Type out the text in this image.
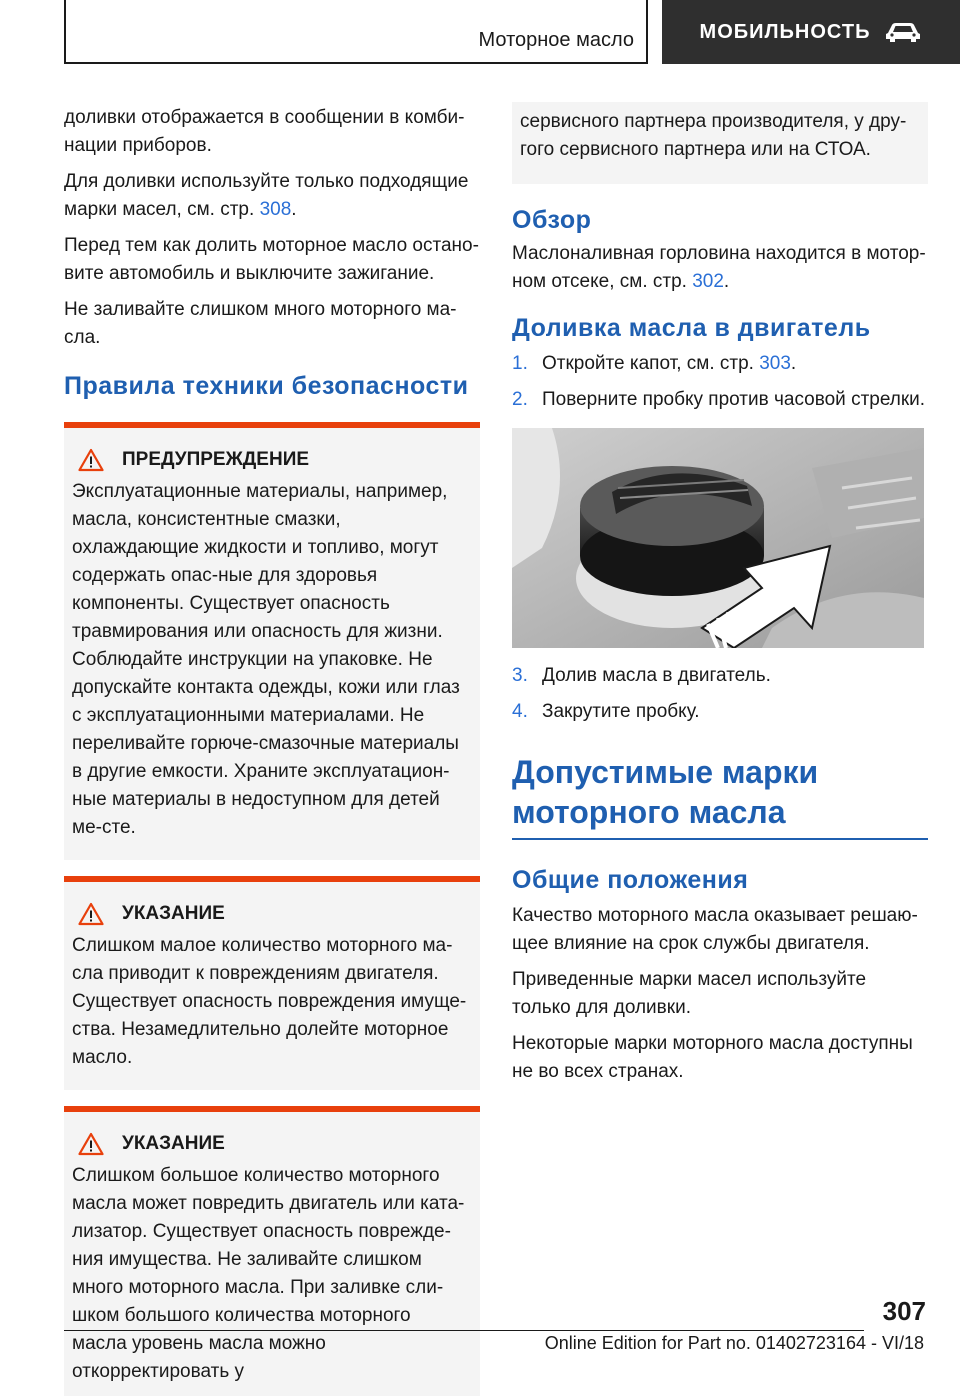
Моторное масло	МОБИЛЬНОСТЬ

доливки отображается в сообщении в комби-нации приборов.

Для доливки используйте только подходящие марки масел, см. стр. 308.

Перед тем как долить моторное масло остано-вите автомобиль и выключите зажигание.

Не заливайте слишком много моторного ма-сла.

Правила техники безопасности
ПРЕДУПРЕЖДЕНИЕ
Эксплуатационные материалы, например, масла, консистентные смазки, охлаждающие жидкости и топливо, могут содержать опас-ные для здоровья компоненты. Существует опасность травмирования или опасность для жизни. Соблюдайте инструкции на упаковке. Не допускайте контакта одежды, кожи или глаз с эксплуатационными материалами. Не переливайте горюче-смазочные материалы в другие емкости. Храните эксплуатацион-ные материалы в недоступном для детей ме-сте.
УКАЗАНИЕ
Слишком малое количество моторного ма-сла приводит к повреждениям двигателя. Существует опасность повреждения имуще-ства. Незамедлительно долейте моторное масло.
УКАЗАНИЕ
Слишком большое количество моторного масла может повредить двигатель или ката-лизатор. Существует опасность поврежде-ния имущества. Не заливайте слишком много моторного масла. При заливке сли-шком большого количества моторного масла уровень масла можно откорректировать у
сервисного партнера производителя, у дру-гого сервисного партнера или на СТОА.
Обзор

Маслоналивная горловина находится в мотор-ном отсеке, см. стр. 302.

Доливка масла в двигатель
1. Откройте капот, см. стр. 303.
2. Поверните пробку против часовой стрелки.
3. Долив масла в двигатель.
4. Закрутите пробку.
Допустимые марки моторного масла
Общие положения

Качество моторного масла оказывает решаю-щее влияние на срок службы двигателя.

Приведенные марки масел используйте только для доливки.

Некоторые марки моторного масла доступны не во всех странах.

307
Online Edition for Part no. 01402723164 - VI/18
